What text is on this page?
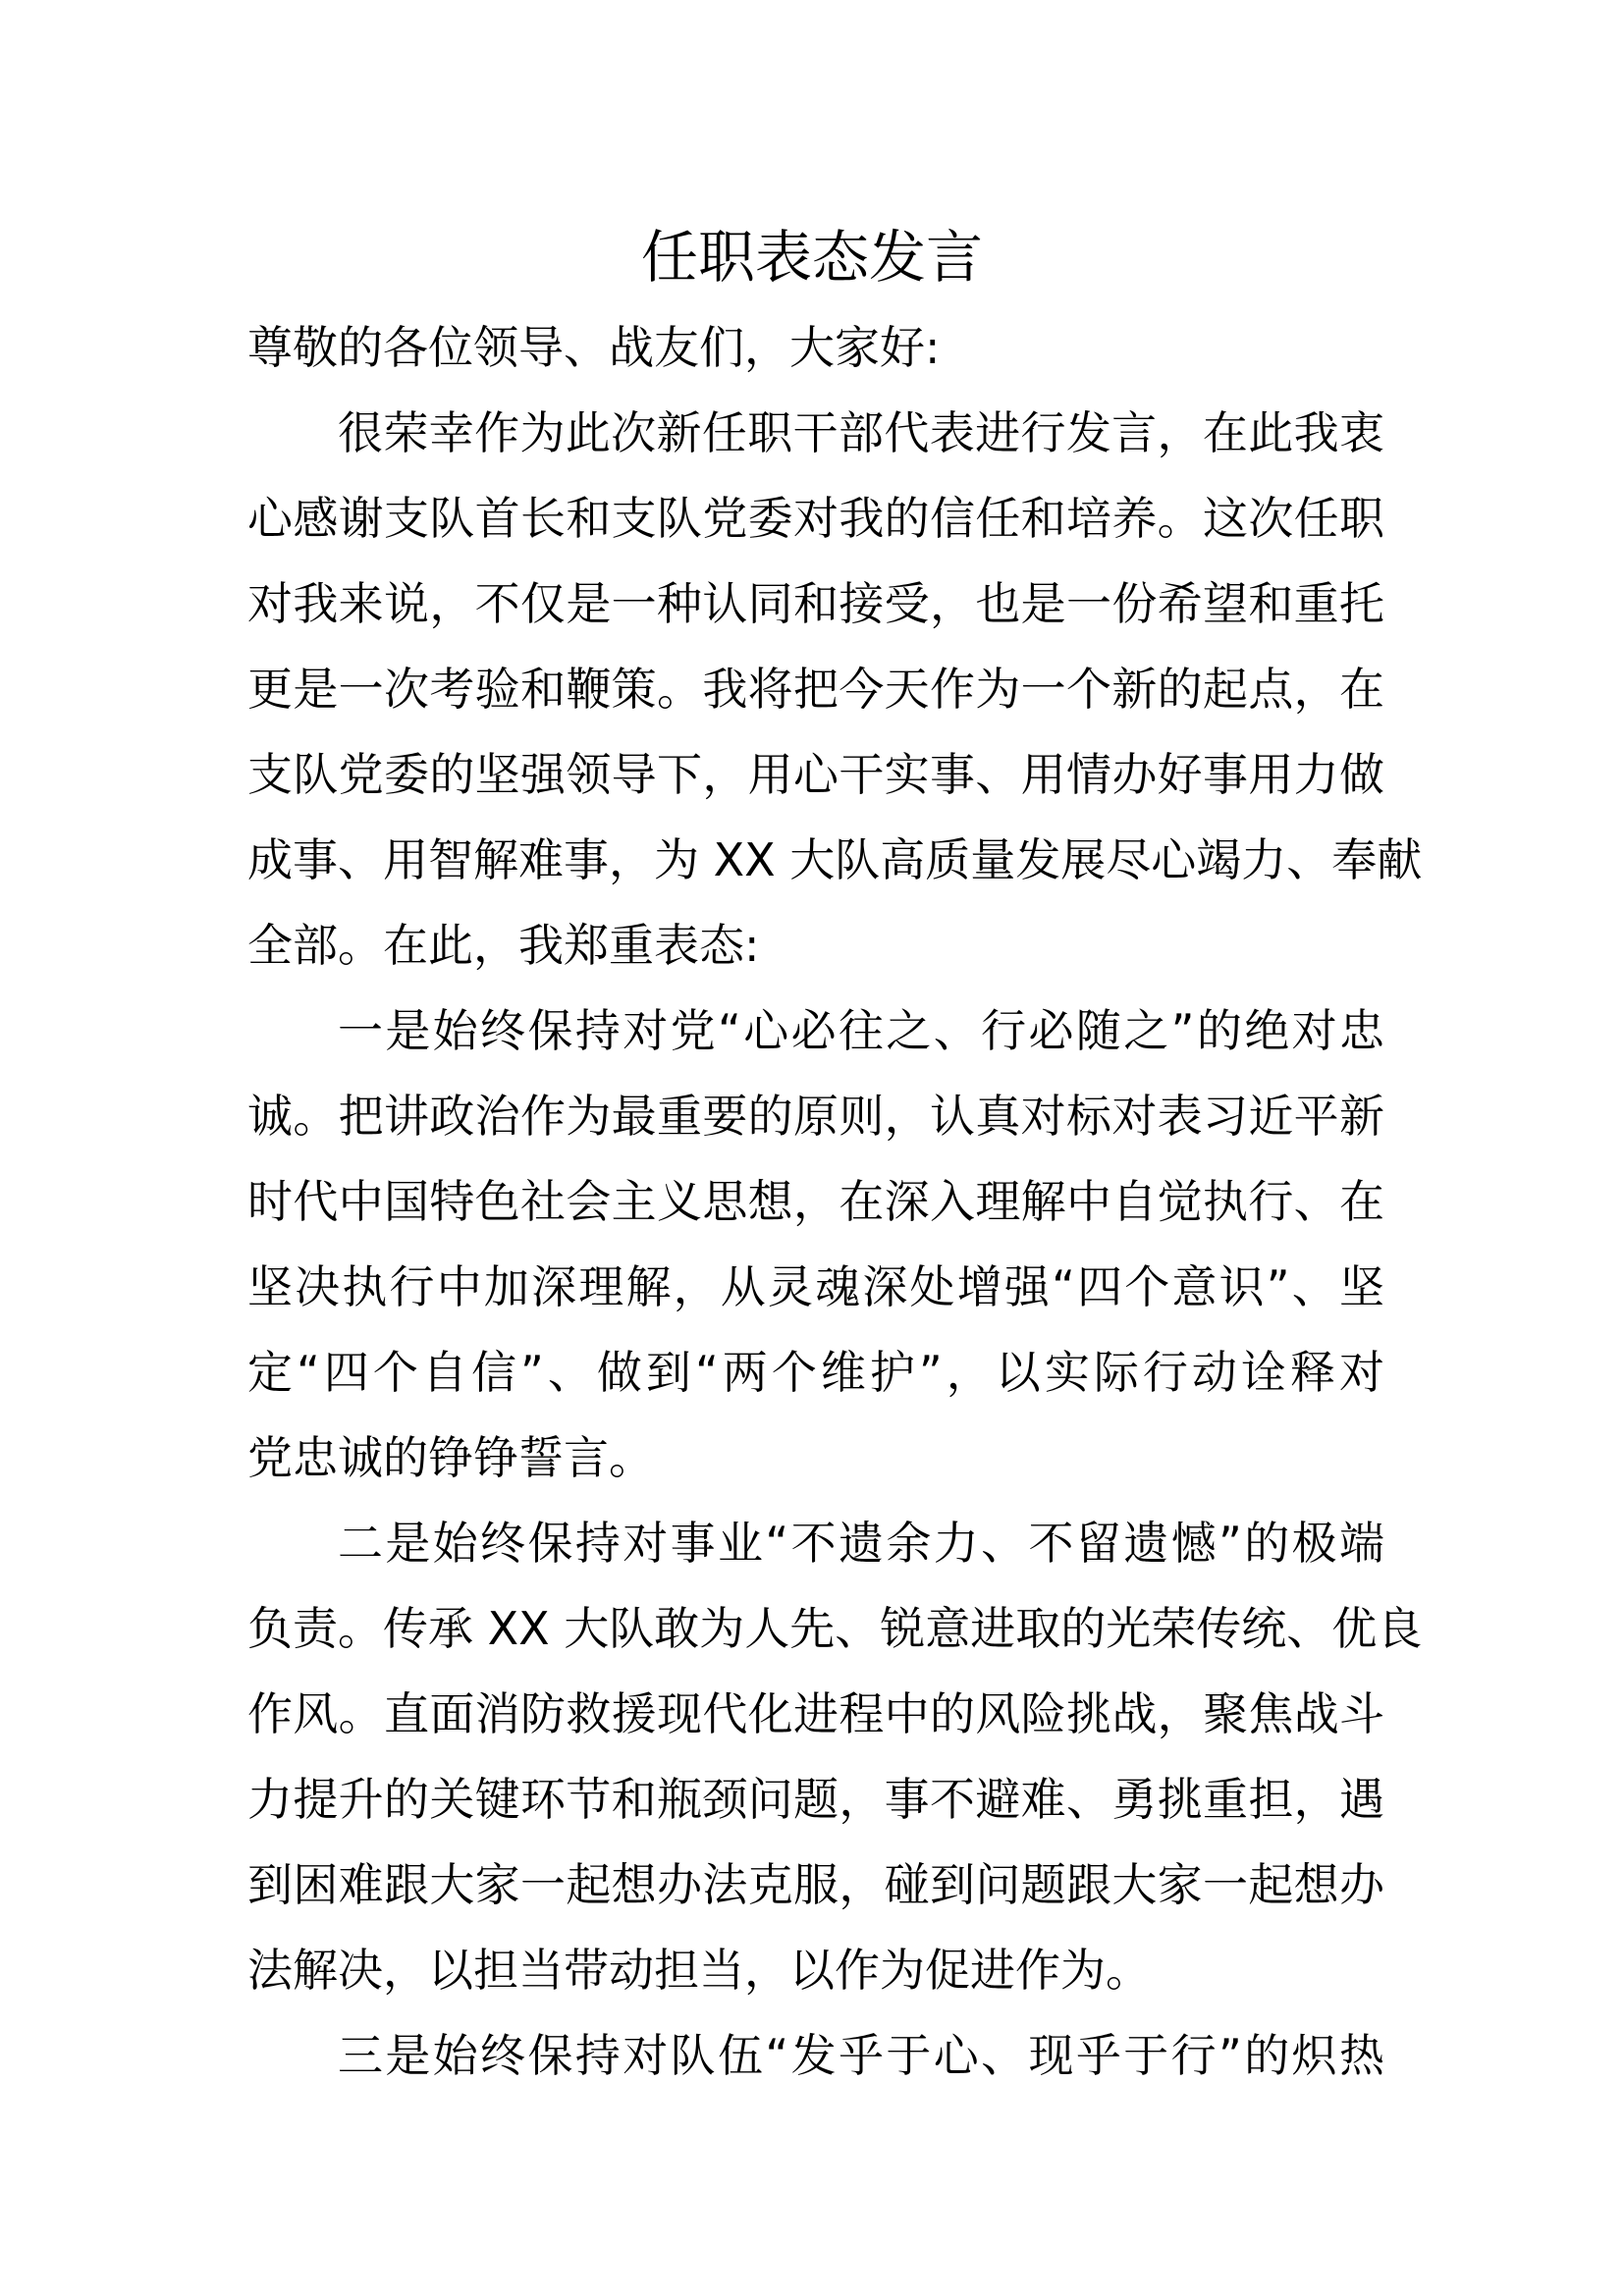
任职表态发言
尊敬的各位领导、战友们，大家好:
很荣幸作为此次新任职干部代表进行发言，在此我衷
心感谢支队首长和支队党委对我的信任和培养。这次任职
对我来说，不仅是一种认同和接受，也是一份希望和重托
更是一次考验和鞭策。我将把今天作为一个新的起点，在
支队党委的坚强领导下，用心干实事、用情办好事用力做
成事、用智解难事，为 XX 大队高质量发展尽心竭力、奉献
全部。在此，我郑重表态:
一是始终保持对党“心必往之、行必随之”的绝对忠
诚。把讲政治作为最重要的原则，认真对标对表习近平新
时代中国特色社会主义思想，在深入理解中自觉执行、在
坚决执行中加深理解，从灵魂深处增强“四个意识”、坚
定“四个自信”、做到“两个维护”，以实际行动诠释对
党忠诚的铮铮誓言。
二是始终保持对事业“不遗余力、不留遗憾”的极端
负责。传承 XX 大队敢为人先、锐意进取的光荣传统、优良
作风。直面消防救援现代化进程中的风险挑战，聚焦战斗
力提升的关键环节和瓶颈问题，事不避难、勇挑重担，遇
到困难跟大家一起想办法克服，碰到问题跟大家一起想办
法解决，以担当带动担当，以作为促进作为。
三是始终保持对队伍“发乎于心、现乎于行”的炽热
